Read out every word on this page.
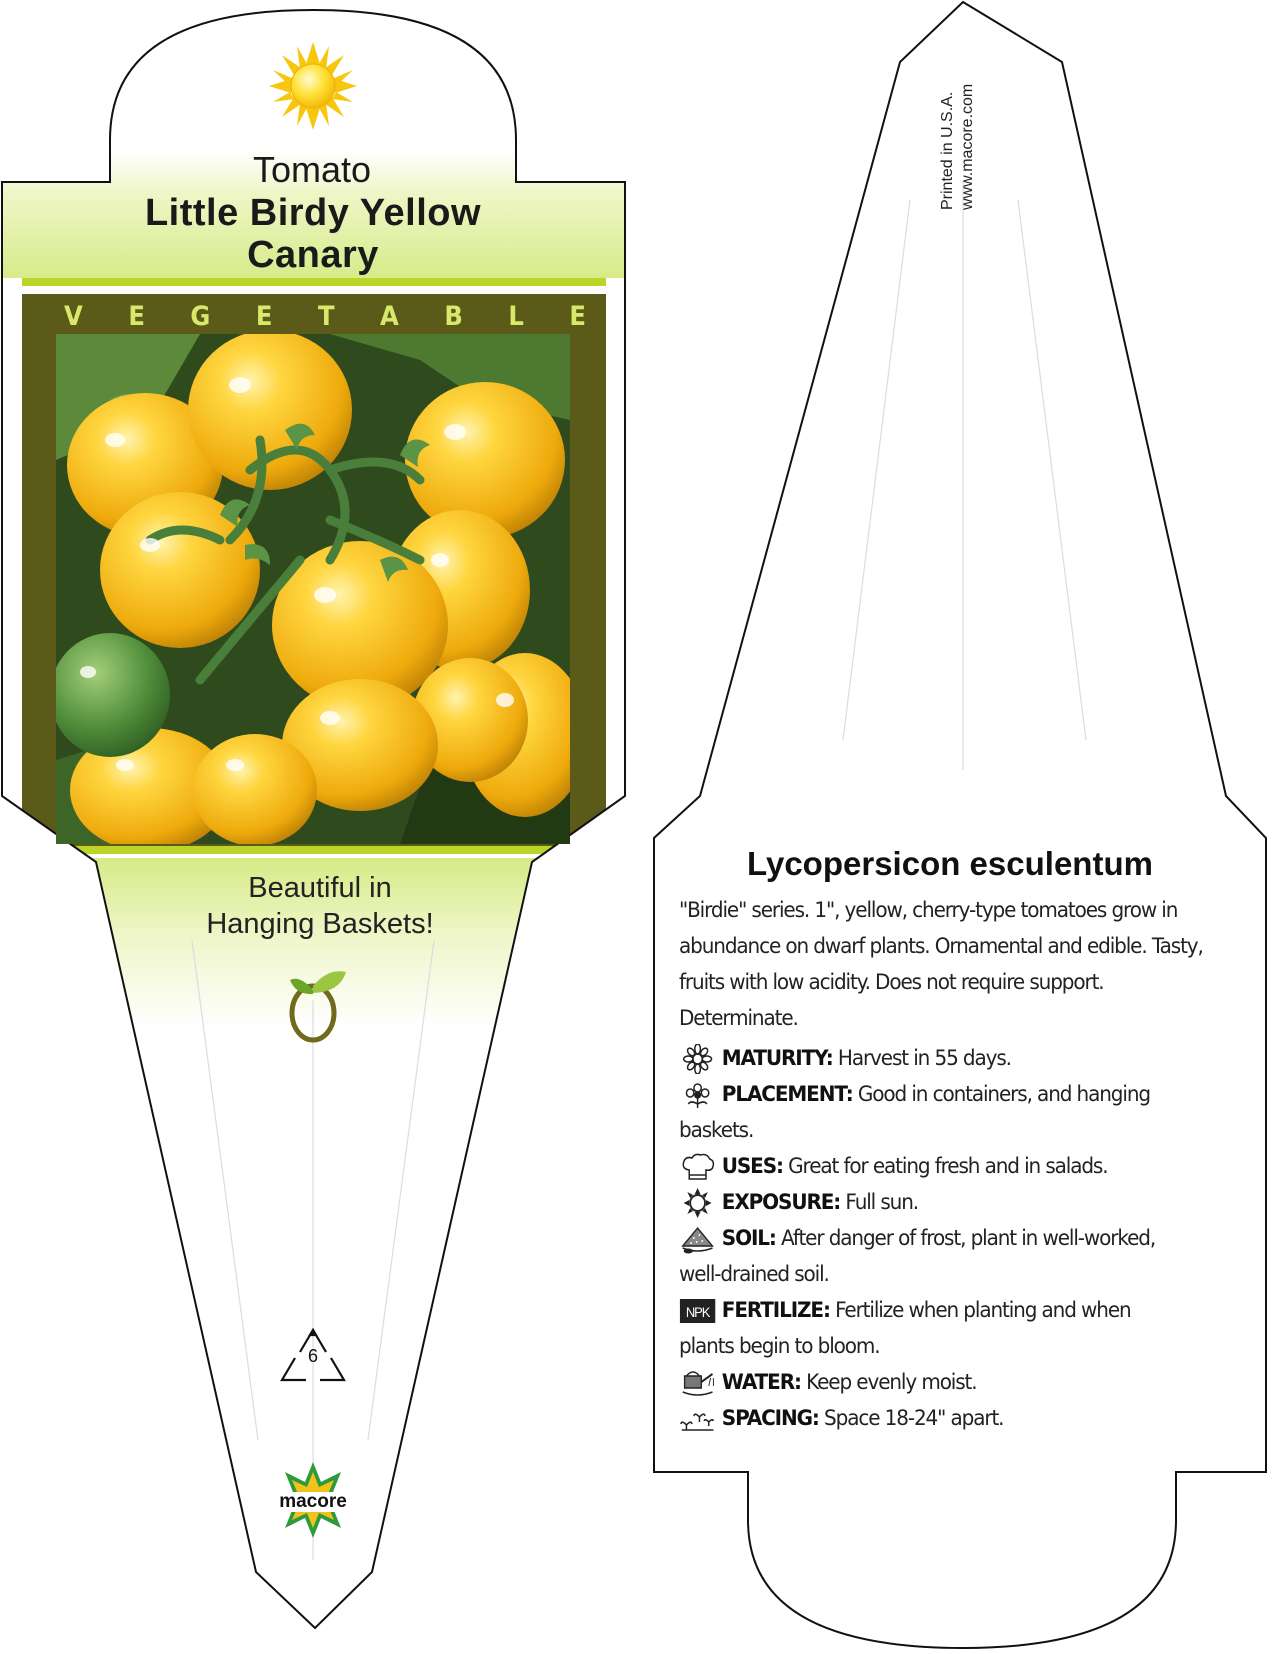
Tomato
Little Birdy Yellow
Canary
V E G E T A B L E
Beautiful in
Hanging Baskets!
6
macore
Printed in U.S.A. www.macore.com
Lycopersicon esculentum
"Birdie" series. 1", yellow, cherry-type tomatoes grow in abundance on dwarf plants. Ornamental and edible. Tasty, fruits with low acidity. Does not require support. Determinate.
MATURITY: Harvest in 55 days.
PLACEMENT: Good in containers, and hanging
baskets.
USES: Great for eating fresh and in salads.
EXPOSURE: Full sun.
SOIL: After danger of frost, plant in well-worked,
well-drained soil.
NPK FERTILIZE: Fertilize when planting and when
plants begin to bloom.
WATER: Keep evenly moist.
SPACING: Space 18-24" apart.
